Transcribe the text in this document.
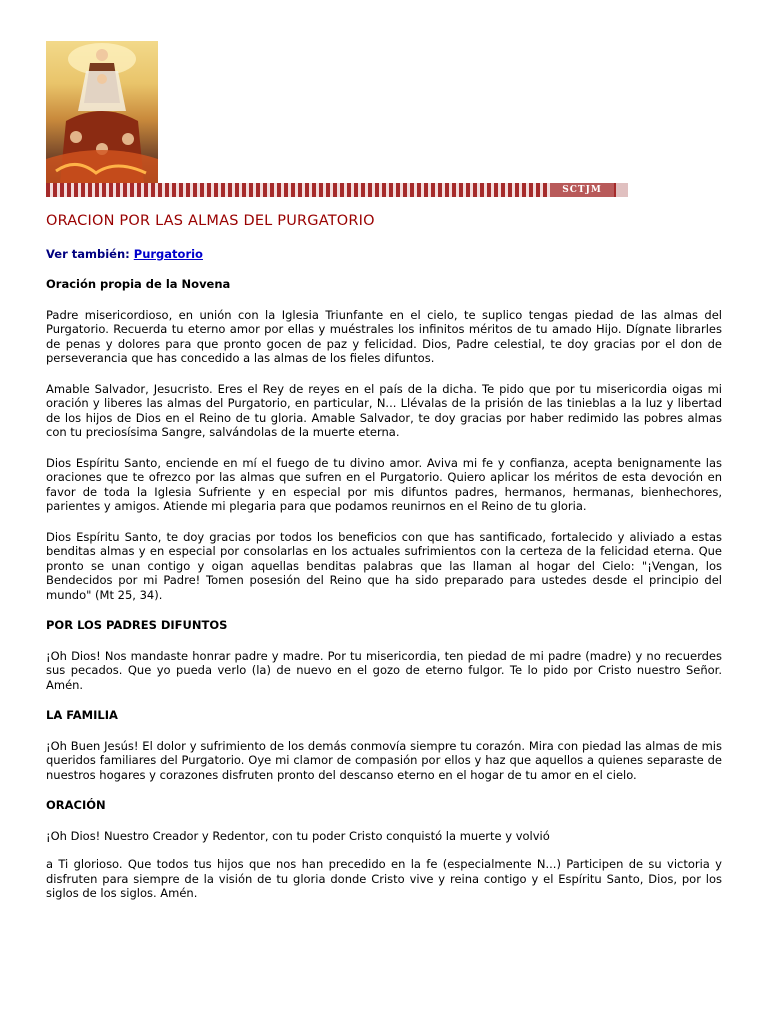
SCTJM
ORACION POR LAS ALMAS DEL PURGATORIO
Ver también: Purgatorio
Oración propia de la Novena

Padre misericordioso, en unión con la Iglesia Triunfante en el cielo, te suplico tengas piedad de las almas del Purgatorio. Recuerda tu eterno amor por ellas y muéstrales los infinitos méritos de tu amado Hijo. Dígnate librarles de penas y dolores para que pronto gocen de paz y felicidad. Dios, Padre celestial, te doy gracias por el don de perseverancia que has concedido a las almas de los fieles difuntos.

Amable Salvador, Jesucristo. Eres el Rey de reyes en el país de la dicha. Te pido que por tu misericordia oigas mi oración y liberes las almas del Purgatorio, en particular, N... Llévalas de la prisión de las tinieblas a la luz y libertad de los hijos de Dios en el Reino de tu gloria. Amable Salvador, te doy gracias por haber redimido las pobres almas con tu preciosísima Sangre, salvándolas de la muerte eterna.

Dios Espíritu Santo, enciende en mí el fuego de tu divino amor. Aviva mi fe y confianza, acepta benignamente las oraciones que te ofrezco por las almas que sufren en el Purgatorio. Quiero aplicar los méritos de esta devoción en favor de toda la Iglesia Sufriente y en especial por mis difuntos padres, hermanos, hermanas, bienhechores, parientes y amigos. Atiende mi plegaria para que podamos reunirnos en el Reino de tu gloria.

Dios Espíritu Santo, te doy gracias por todos los beneficios con que has santificado, fortalecido y aliviado a estas benditas almas y en especial por consolarlas en los actuales sufrimientos con la certeza de la felicidad eterna. Que pronto se unan contigo y oigan aquellas benditas palabras que las llaman al hogar del Cielo: "¡Vengan, los Bendecidos por mi Padre! Tomen posesión del Reino que ha sido preparado para ustedes desde el principio del mundo" (Mt 25, 34).

POR LOS PADRES DIFUNTOS

¡Oh Dios! Nos mandaste honrar padre y madre. Por tu misericordia, ten piedad de mi padre (madre) y no recuerdes sus pecados. Que yo pueda verlo (la) de nuevo en el gozo de eterno fulgor. Te lo pido por Cristo nuestro Señor. Amén.

LA FAMILIA

¡Oh Buen Jesús! El dolor y sufrimiento de los demás conmovía siempre tu corazón. Mira con piedad las almas de mis queridos familiares del Purgatorio. Oye mi clamor de compasión por ellos y haz que aquellos a quienes separaste de nuestros hogares y corazones disfruten pronto del descanso eterno en el hogar de tu amor en el cielo.

ORACIÓN

¡Oh Dios! Nuestro Creador y Redentor, con tu poder Cristo conquistó la muerte y volvió

a Ti glorioso. Que todos tus hijos que nos han precedido en la fe (especialmente N...) Participen de su victoria y disfruten para siempre de la visión de tu gloria donde Cristo vive y reina contigo y el Espíritu Santo, Dios, por los siglos de los siglos. Amén.
